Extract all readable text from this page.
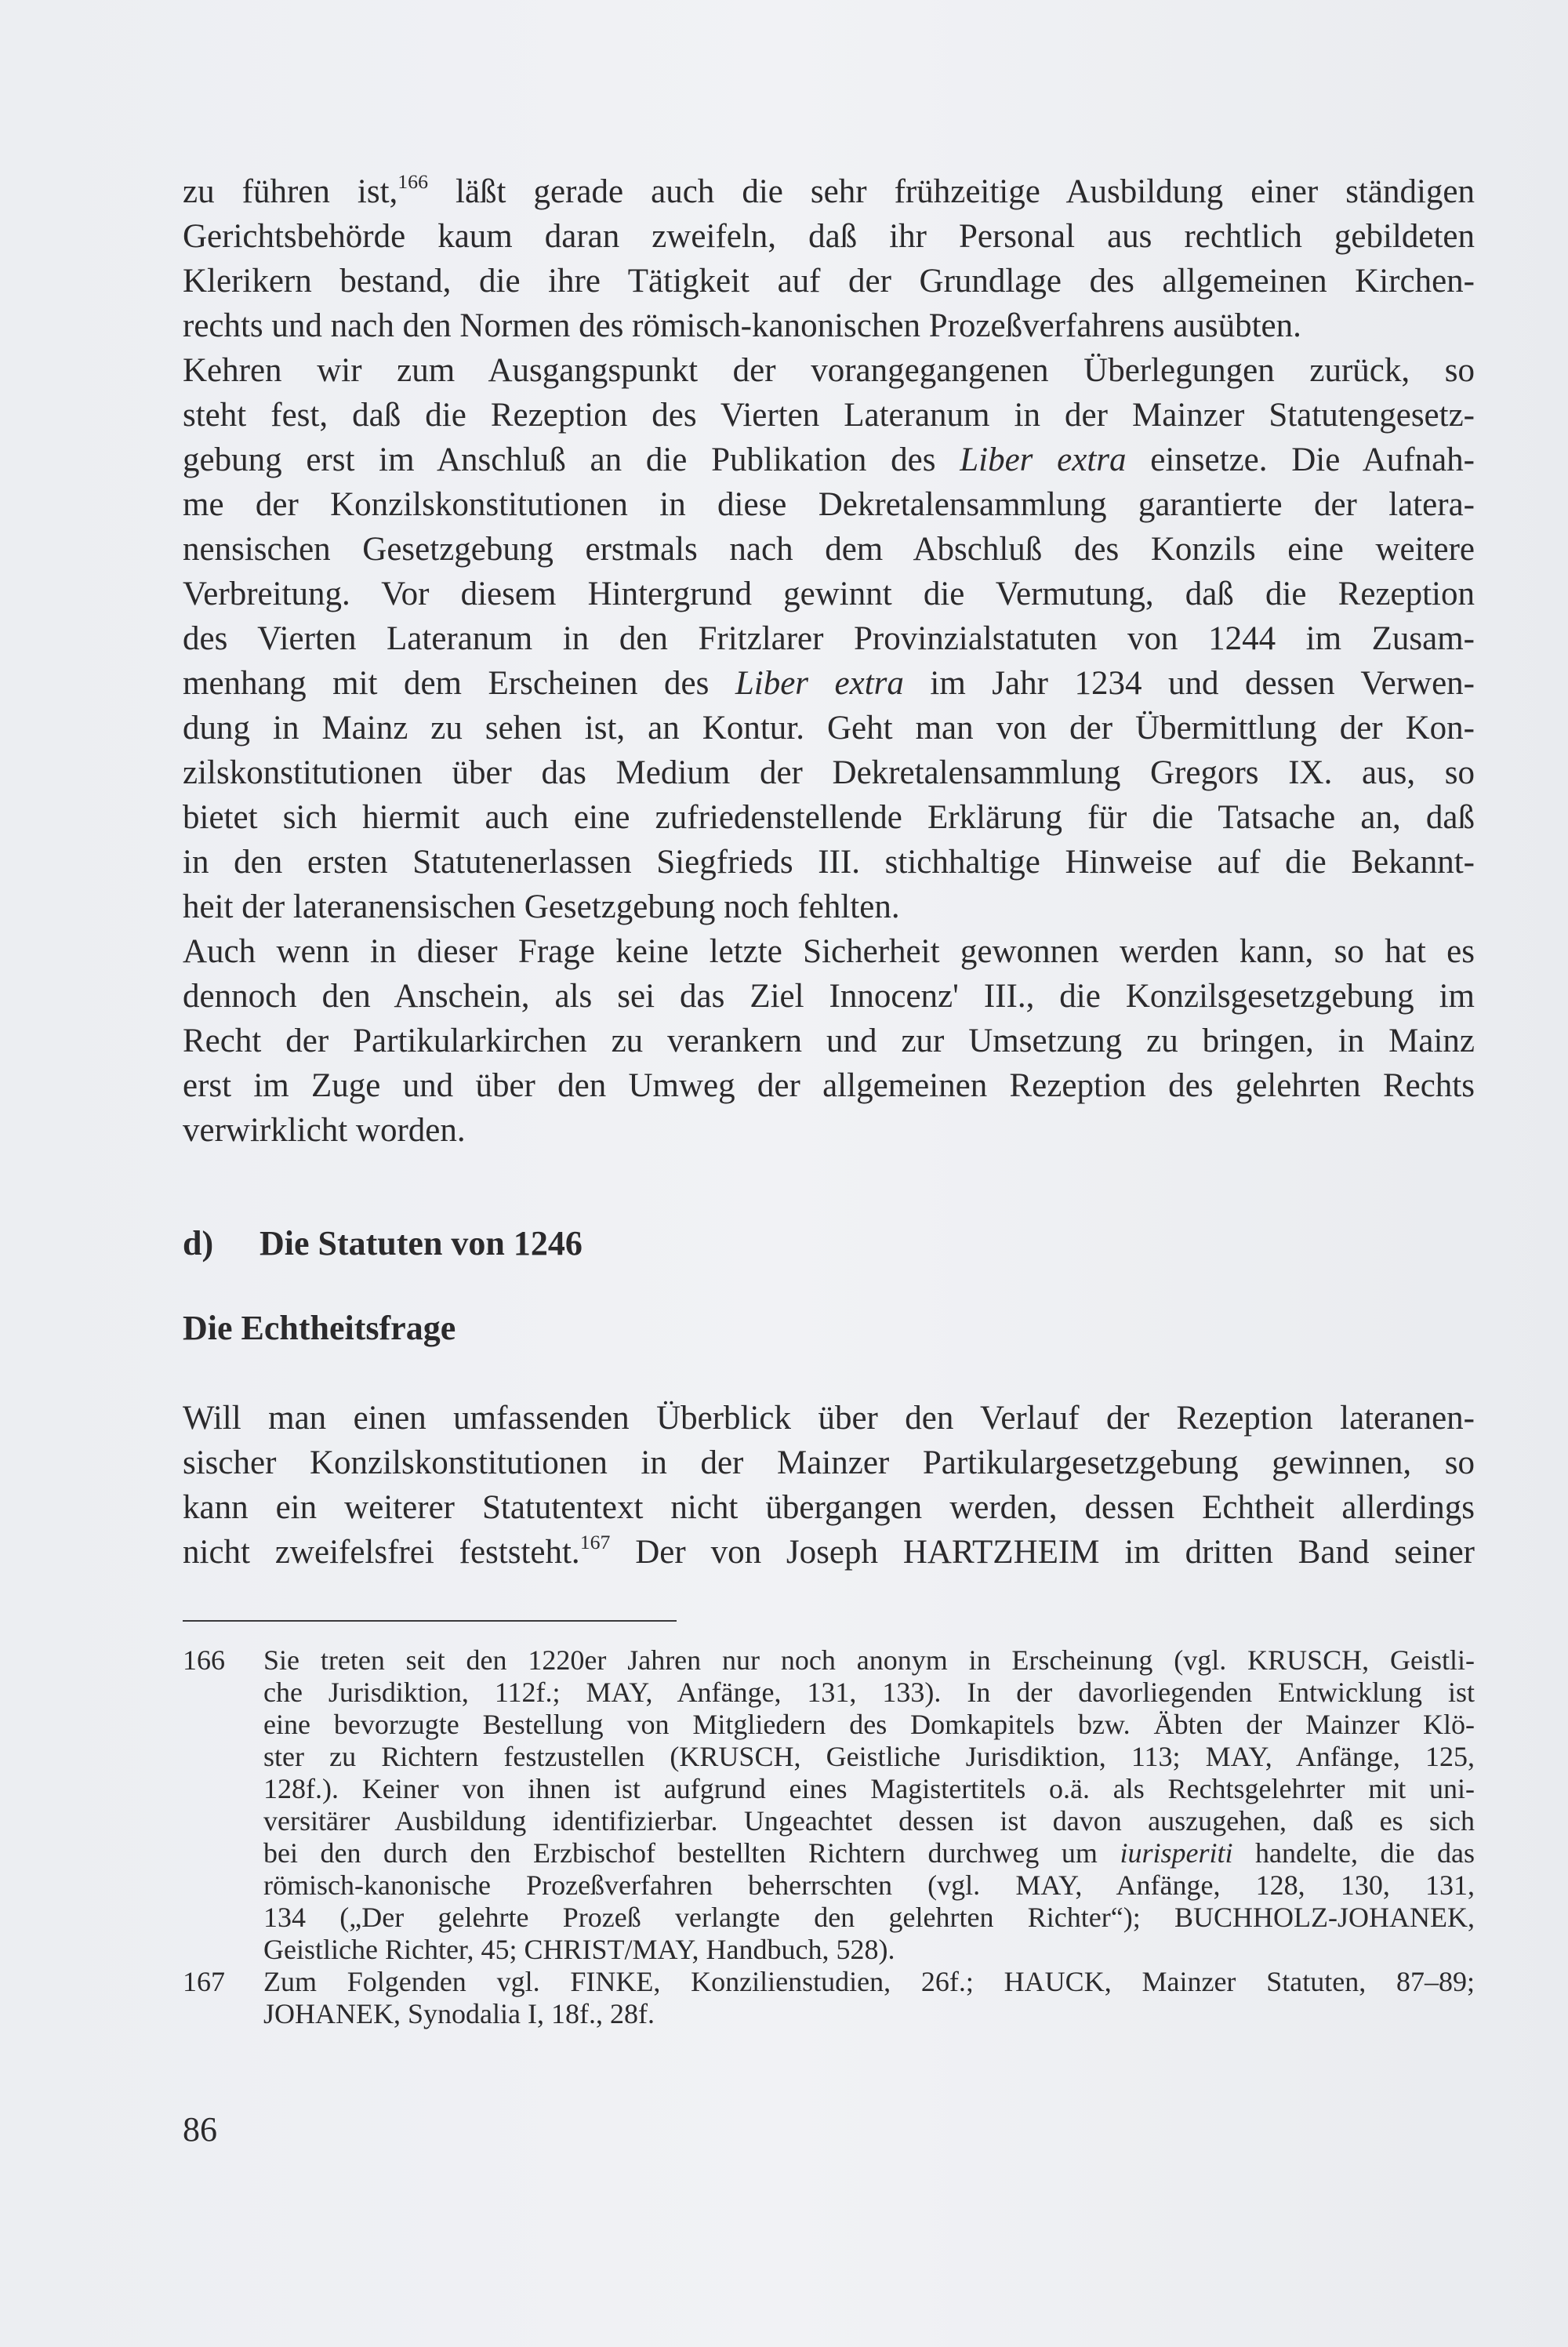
zu führen ist,$^{166}$ läßt gerade auch die sehr frühzeitige Ausbildung einer ständigen
Gerichtsbehörde kaum daran zweifeln, daß ihr Personal aus rechtlich gebildeten
Klerikern bestand, die ihre Tätigkeit auf der Grundlage des allgemeinen Kirchen-
rechts und nach den Normen des römisch-kanonischen Prozeßverfahrens ausübten.
Kehren wir zum Ausgangspunkt der vorangegangenen Überlegungen zurück, so
steht fest, daß die Rezeption des Vierten Lateranum in der Mainzer Statutengesetz-
gebung erst im Anschluß an die Publikation des Liber extra einsetze. Die Aufnah-
me der Konzilskonstitutionen in diese Dekretalensammlung garantierte der latera-
nensischen Gesetzgebung erstmals nach dem Abschluß des Konzils eine weitere
Verbreitung. Vor diesem Hintergrund gewinnt die Vermutung, daß die Rezeption
des Vierten Lateranum in den Fritzlarer Provinzialstatuten von 1244 im Zusam-
menhang mit dem Erscheinen des Liber extra im Jahr 1234 und dessen Verwen-
dung in Mainz zu sehen ist, an Kontur. Geht man von der Übermittlung der Kon-
zilskonstitutionen über das Medium der Dekretalensammlung Gregors IX. aus, so
bietet sich hiermit auch eine zufriedenstellende Erklärung für die Tatsache an, daß
in den ersten Statutenerlassen Siegfrieds III. stichhaltige Hinweise auf die Bekannt-
heit der lateranensischen Gesetzgebung noch fehlten.
Auch wenn in dieser Frage keine letzte Sicherheit gewonnen werden kann, so hat es
dennoch den Anschein, als sei das Ziel Innocenz' III., die Konzilsgesetzgebung im
Recht der Partikularkirchen zu verankern und zur Umsetzung zu bringen, in Mainz
erst im Zuge und über den Umweg der allgemeinen Rezeption des gelehrten Rechts
verwirklicht worden.
d) Die Statuten von 1246
Die Echtheitsfrage
Will man einen umfassenden Überblick über den Verlauf der Rezeption lateranen-
sischer Konzilskonstitutionen in der Mainzer Partikulargesetzgebung gewinnen, so
kann ein weiterer Statutentext nicht übergangen werden, dessen Echtheit allerdings
nicht zweifelsfrei feststeht.$^{167}$ Der von Joseph HARTZHEIM im dritten Band seiner
166 Sie treten seit den 1220er Jahren nur noch anonym in Erscheinung (vgl. KRUSCH, Geistli-
che Jurisdiktion, 112f.; MAY, Anfänge, 131, 133). In der davorliegenden Entwicklung ist
eine bevorzugte Bestellung von Mitgliedern des Domkapitels bzw. Äbten der Mainzer Klö-
ster zu Richtern festzustellen (KRUSCH, Geistliche Jurisdiktion, 113; MAY, Anfänge, 125,
128f.). Keiner von ihnen ist aufgrund eines Magistertitels o.ä. als Rechtsgelehrter mit uni-
versitärer Ausbildung identifizierbar. Ungeachtet dessen ist davon auszugehen, daß es sich
bei den durch den Erzbischof bestellten Richtern durchweg um iurisperiti handelte, die das
römisch-kanonische Prozeßverfahren beherrschten (vgl. MAY, Anfänge, 128, 130, 131,
134 („Der gelehrte Prozeß verlangte den gelehrten Richter“); BUCHHOLZ-JOHANEK,
Geistliche Richter, 45; CHRIST/MAY, Handbuch, 528).
167 Zum Folgenden vgl. FINKE, Konzilienstudien, 26f.; HAUCK, Mainzer Statuten, 87–89;
JOHANEK, Synodalia I, 18f., 28f.
86
